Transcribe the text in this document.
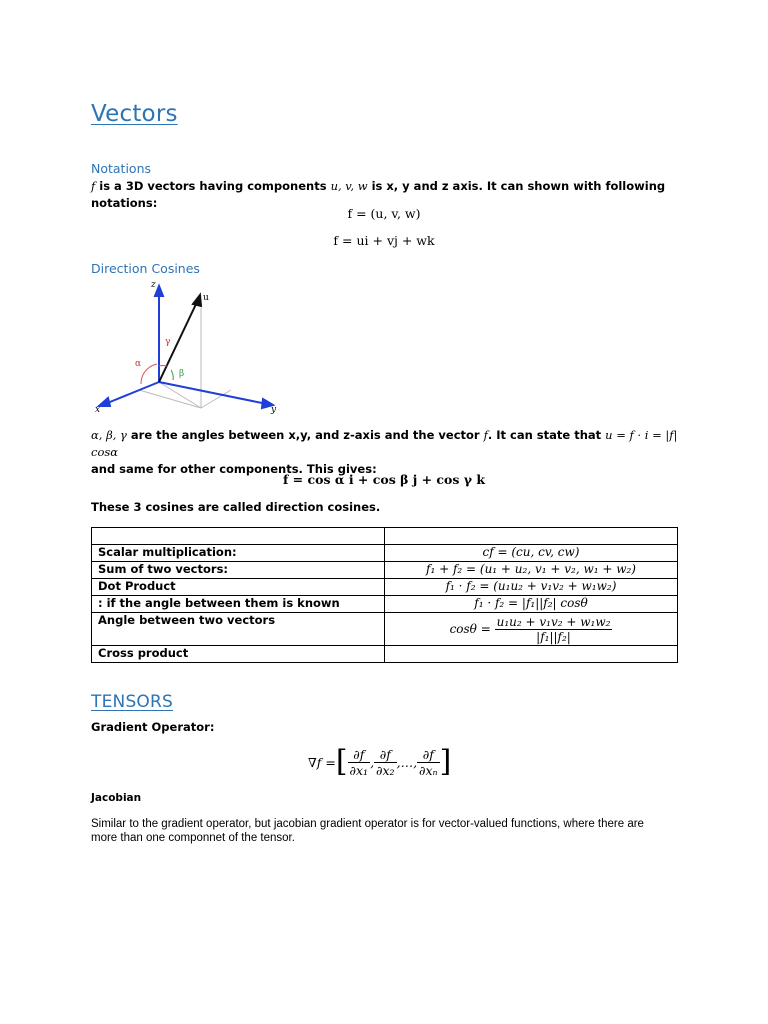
Vectors
Notations
f is a 3D vectors having components u, v, w is x, y and z axis. It can shown with following notations:
f = (u, v, w)
f = ui + vj + wk
Direction Cosines
z
x	y
u
α
β
γ
α, β, γ are the angles between x,y, and z-axis and the vector f. It can state that u = f · i = |f| cosα
and same for other components. This gives:
f = cos α i + cos β j + cos γ k
These 3 cosines are called direction cosines.

Scalar multiplication:	cf = (cu, cv, cw)
Sum of two vectors:	f₁ + f₂ = (u₁ + u₂, v₁ + v₂, w₁ + w₂)
Dot Product	f₁ · f₂ = (u₁u₂ + v₁v₂ + w₁w₂)
: if the angle between them is known	f₁ · f₂ = |f₁||f₂| cosθ
Angle between two vectors	$\cos\theta = \frac{\text{u₁u₂ + v₁v₂ + w₁w₂}}{\text{|f₁||f₂|}}$

Cross product	
TENSORS
Gradient Operator:
∇f = [ $\frac{\partial f}{\text{∂x₁}}$ , $\frac{\partial f}{\text{∂x₂}}$ , … , $\frac{\partial f}{\text{∂xₙ}}$ ]
Jacobian
Similar to the gradient operator, but jacobian gradient operator is for vector-valued functions, where there are more than one componnet of the tensor.
